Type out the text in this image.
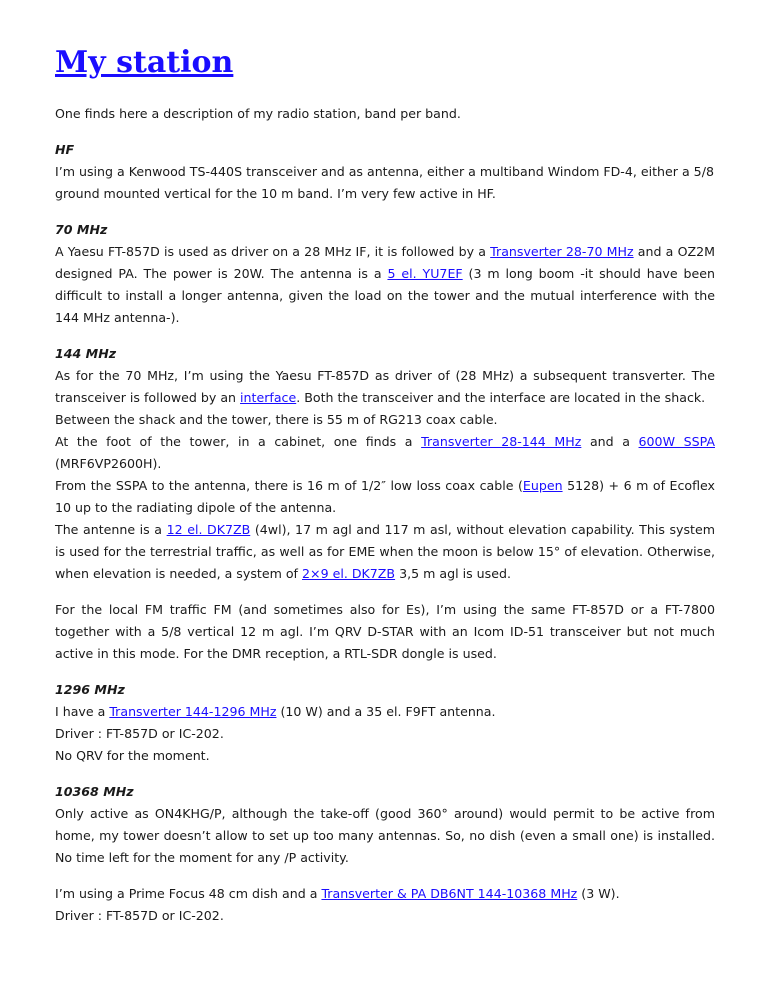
My station

One finds here a description of my radio station, band per band.

HF

I’m using a Kenwood TS-440S transceiver and as antenna, either a multiband Windom FD-4, either a 5/8 ground mounted vertical for the 10 m band. I’m very few active in HF.

70 MHz

A Yaesu FT-857D is used as driver on a 28 MHz IF, it is followed by a Transverter 28-70 MHz and a OZ2M designed PA. The power is 20W. The antenna is a 5 el. YU7EF (3 m long boom -it should have been difficult to install a longer antenna, given the load on the tower and the mutual interference with the 144 MHz antenna-).

144 MHz

As for the 70 MHz, I’m using the Yaesu FT-857D as driver of (28 MHz) a subsequent transverter. The transceiver is followed by an interface. Both the transceiver and the interface are located in the shack.

Between the shack and the tower, there is 55 m of RG213 coax cable.

At the foot of the tower, in a cabinet, one finds a Transverter 28-144 MHz and a 600W SSPA (MRF6VP2600H).

From the SSPA to the antenna, there is 16 m of 1/2″ low loss coax cable (Eupen 5128) + 6 m of Ecoflex 10 up to the radiating dipole of the antenna.

The antenne is a 12 el. DK7ZB (4wl), 17 m agl and 117 m asl, without elevation capability. This system is used for the terrestrial traffic, as well as for EME when the moon is below 15° of elevation. Otherwise, when elevation is needed, a system of 2×9 el. DK7ZB 3,5 m agl is used.

For the local FM traffic FM (and sometimes also for Es), I’m using the same FT-857D or a FT-7800 together with a 5/8 vertical 12 m agl. I’m QRV D-STAR with an Icom ID-51 transceiver but not much active in this mode. For the DMR reception, a RTL-SDR dongle is used.

1296 MHz

I have a Transverter 144-1296 MHz (10 W) and a 35 el. F9FT antenna.

Driver : FT-857D or IC-202.

No QRV for the moment.

10368 MHz

Only active as ON4KHG/P, although the take-off (good 360° around) would permit to be active from home, my tower doesn’t allow to set up too many antennas. So, no dish (even a small one) is installed. No time left for the moment for any /P activity.

I’m using a Prime Focus 48 cm dish and a Transverter & PA DB6NT 144-10368 MHz (3 W).

Driver : FT-857D or IC-202.
